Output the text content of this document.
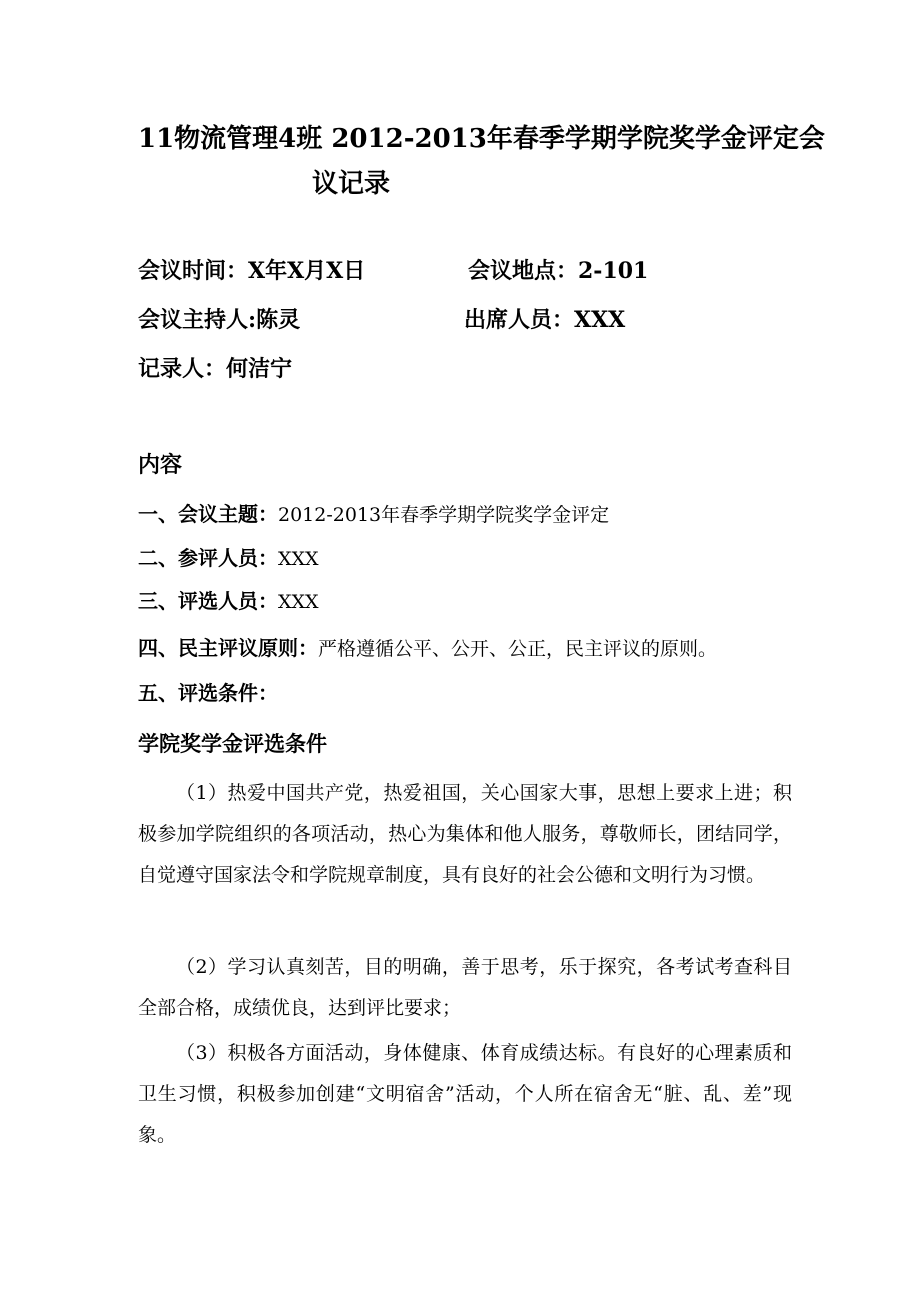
11物流管理4班 2012-2013年春季学期学院奖学金评定会
议记录
会议时间：X年X月X日	会议地点：2-101
会议主持人:陈灵	出席人员：XXX
记录人：何洁宁
内容
一、会议主题：2012-2013年春季学期学院奖学金评定
二、参评人员：XXX
三、评选人员：XXX
四、民主评议原则：严格遵循公平、公开、公正，民主评议的原则。
五、评选条件：
学院奖学金评选条件
（1）热爱中国共产党，热爱祖国，关心国家大事，思想上要求上进；积极参加学院组织的各项活动，热心为集体和他人服务，尊敬师长，团结同学，自觉遵守国家法令和学院规章制度，具有良好的社会公德和文明行为习惯。
（2）学习认真刻苦，目的明确，善于思考，乐于探究，各考试考查科目全部合格，成绩优良，达到评比要求；
（3）积极各方面活动，身体健康、体育成绩达标。有良好的心理素质和卫生习惯，积极参加创建“文明宿舍”活动，个人所在宿舍无“脏、乱、差”现象。
